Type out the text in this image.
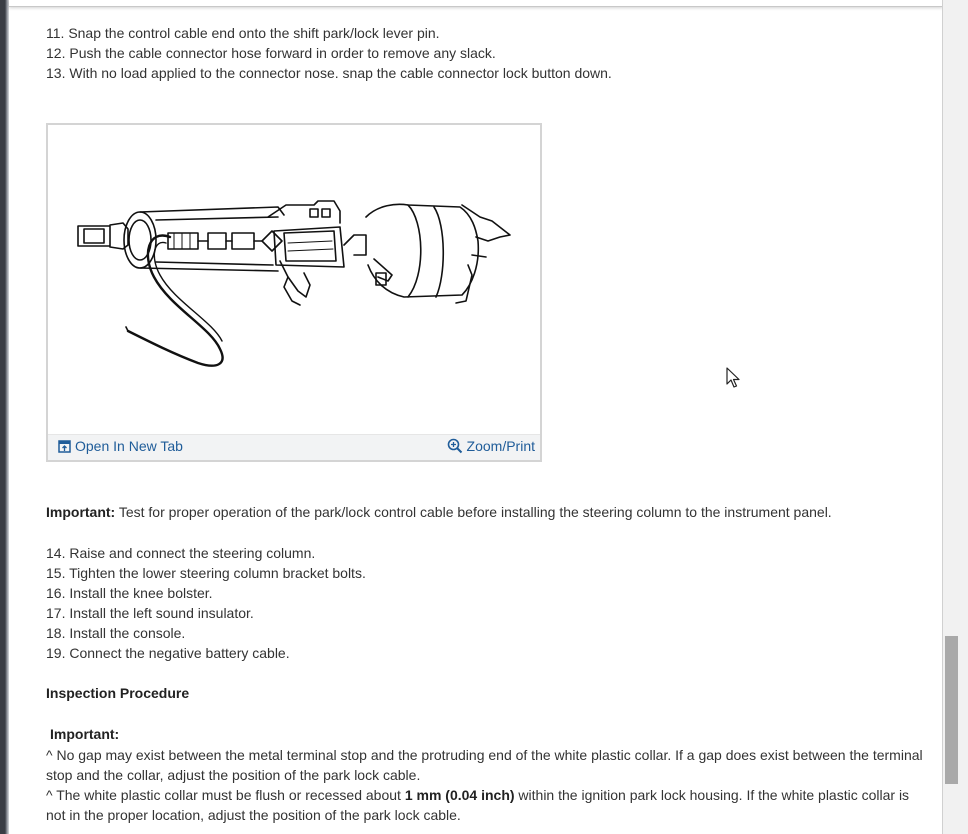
11. Snap the control cable end onto the shift park/lock lever pin.
12. Push the cable connector hose forward in order to remove any slack.
13. With no load applied to the connector nose. snap the cable connector lock button down.
Open In New Tab	Zoom/Print
Important: Test for proper operation of the park/lock control cable before installing the steering column to the instrument panel.
14. Raise and connect the steering column.
15. Tighten the lower steering column bracket bolts.
16. Install the knee bolster.
17. Install the left sound insulator.
18. Install the console.
19. Connect the negative battery cable.
Inspection Procedure
Important:
^ No gap may exist between the metal terminal stop and the protruding end of the white plastic collar. If a gap does exist between the terminal stop and the collar, adjust the position of the park lock cable.
^ The white plastic collar must be flush or recessed about 1 mm (0.04 inch) within the ignition park lock housing. If the white plastic collar is not in the proper location, adjust the position of the park lock cable.
